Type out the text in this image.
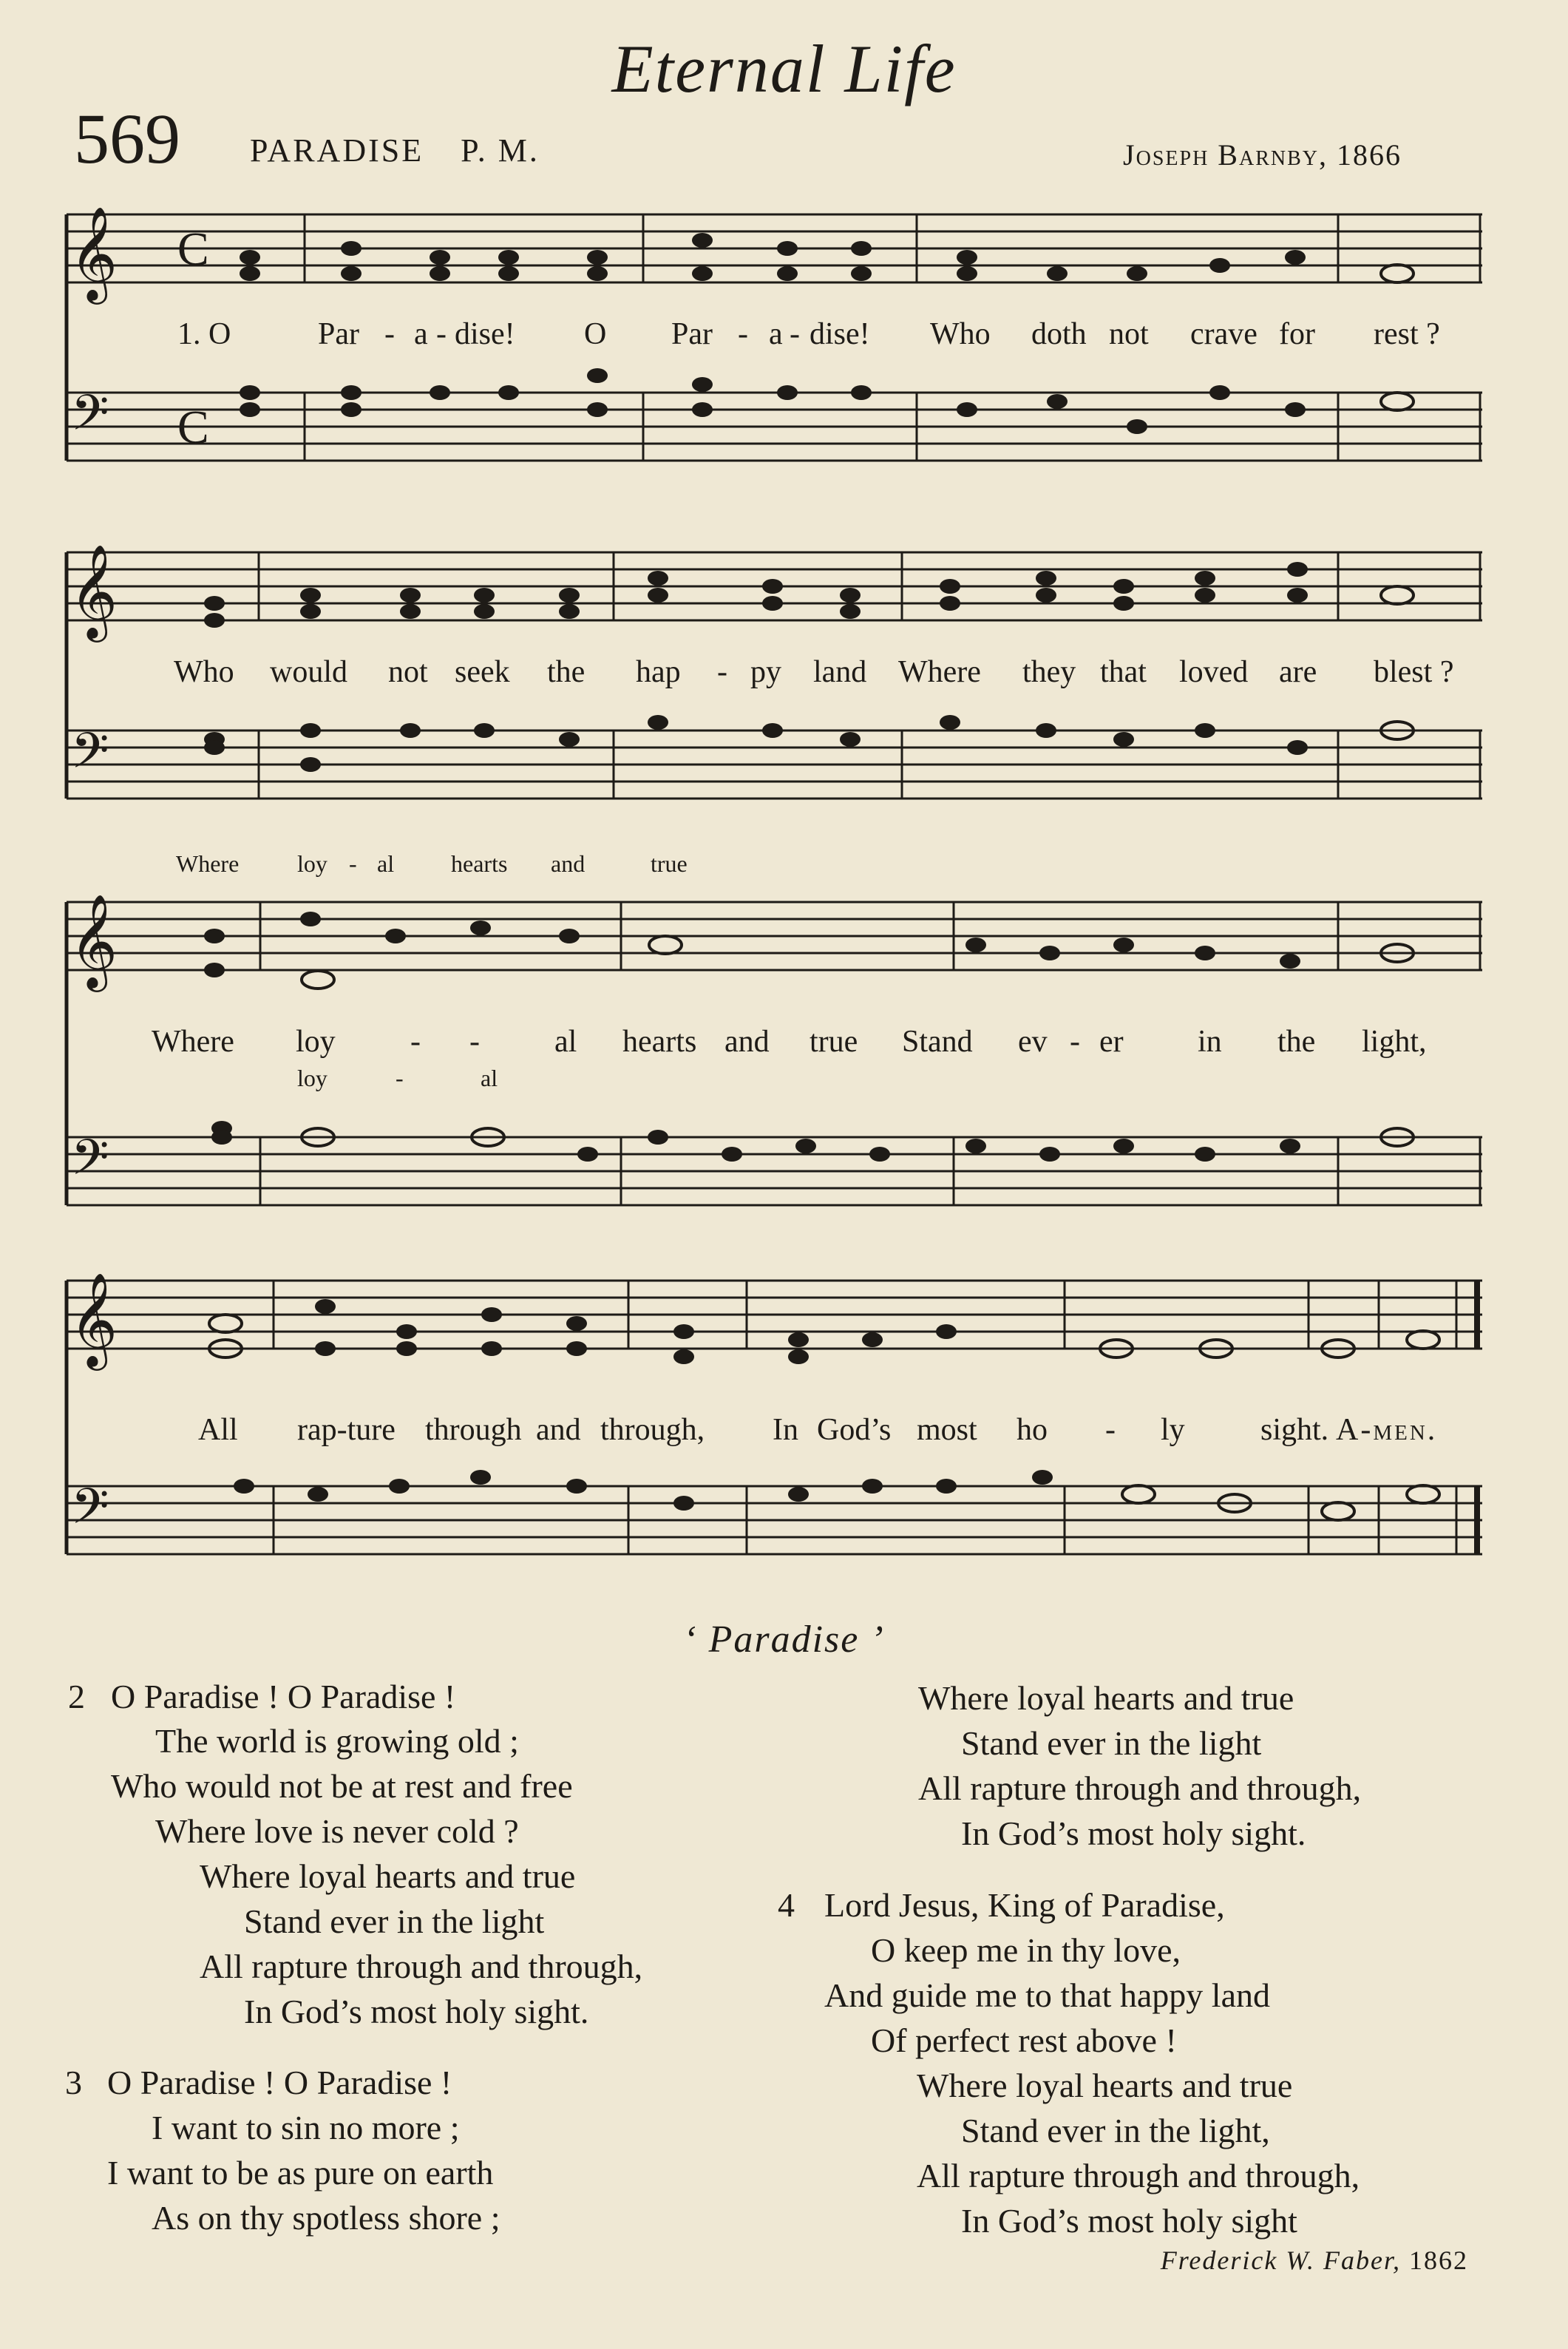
Eternal Life
569 PARADISE P. M.	Joseph Barnby, 1866
𝄞
𝄢
C
C
1. O	Par - a - dise! O Par - a - dise! Who doth not crave for rest ?
𝄞
𝄢
Who would not seek the hap - py land Where they that loved are blest ?
𝄞
𝄢
Where loy - al hearts and	true
Where loy - - al hearts and true Stand ev - er in the light,
loy	-	al
𝄞
𝄢
All rap-ture through and through, In God’s most ho - ly sight. A-men.
‘ Paradise ’
2 O Paradise ! O Paradise !
The world is growing old ;
Who would not be at rest and free
Where love is never cold ?
Where loyal hearts and true
Stand ever in the light
All rapture through and through,
In God’s most holy sight.
3 O Paradise ! O Paradise !
I want to sin no more ;
I want to be as pure on earth
As on thy spotless shore ;
Where loyal hearts and true
Stand ever in the light
All rapture through and through,
In God’s most holy sight.
4 Lord Jesus, King of Paradise,
O keep me in thy love,
And guide me to that happy land
Of perfect rest above !
Where loyal hearts and true
Stand ever in the light,
All rapture through and through,
In God’s most holy sight
Frederick W. Faber, 1862
